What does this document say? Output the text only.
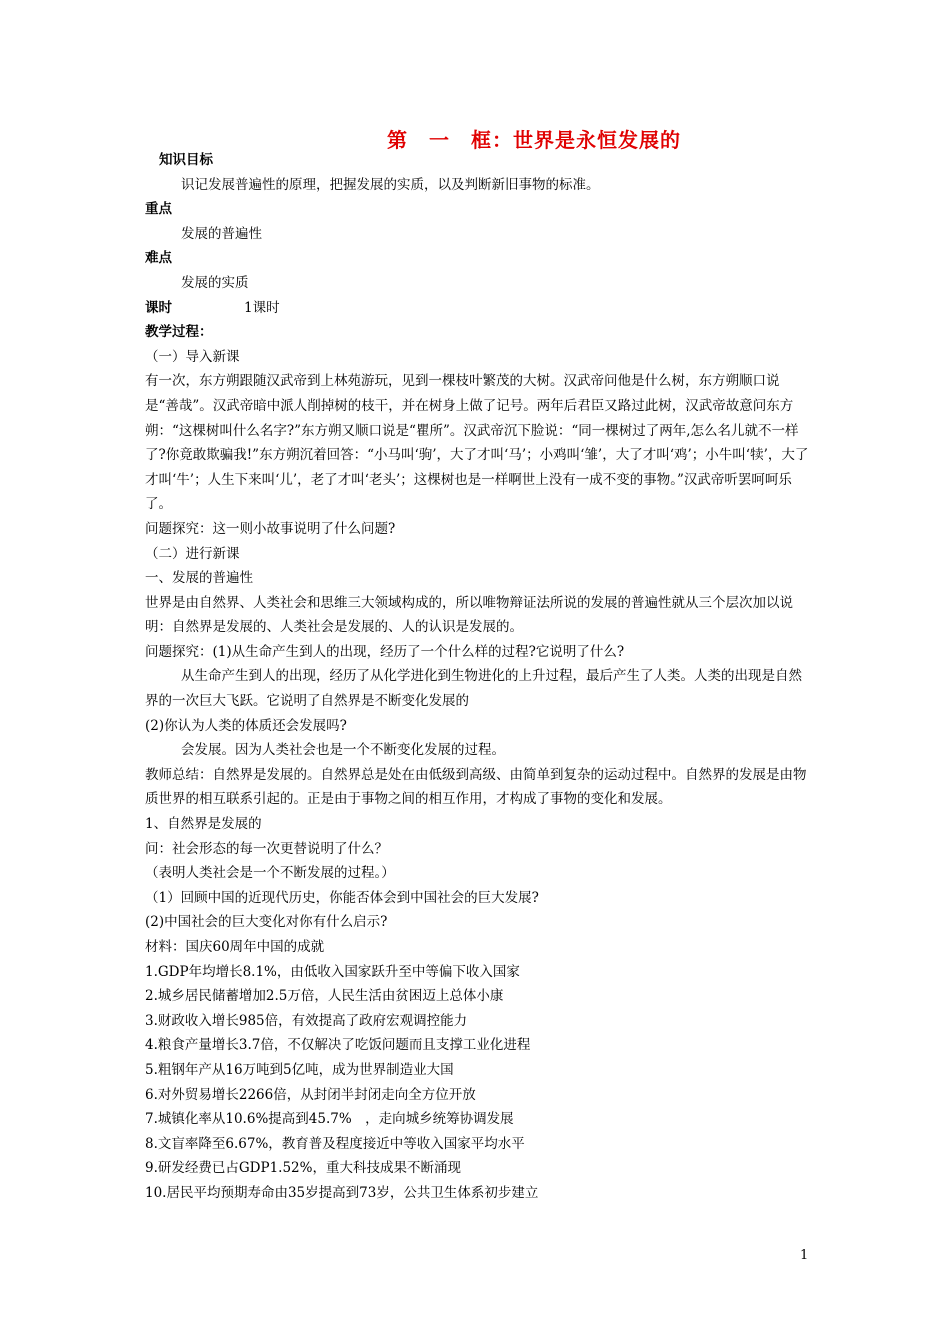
第　一　框：世界是永恒发展的

知识目标

识记发展普遍性的原理，把握发展的实质，以及判断新旧事物的标准。

重点

发展的普遍性

难点

发展的实质

课时	1课时

教学过程：

（一）导入新课

有一次，东方朔跟随汉武帝到上林苑游玩，见到一棵枝叶繁茂的大树。汉武帝问他是什么树，东方朔顺口说是“善哉”。汉武帝暗中派人削掉树的枝干，并在树身上做了记号。两年后君臣又路过此树，汉武帝故意问东方朔：“这棵树叫什么名字?”东方朔又顺口说是“瞿所”。汉武帝沉下脸说：“同一棵树过了两年,怎么名儿就不一样了?你竟敢欺骗我!”东方朔沉着回答：“小马叫‘驹’，大了才叫‘马’；小鸡叫‘雏’，大了才叫‘鸡’；小牛叫‘犊’，大了才叫‘牛’；人生下来叫‘儿’，老了才叫‘老头’；这棵树也是一样啊世上没有一成不变的事物。”汉武帝听罢呵呵乐了。

问题探究：这一则小故事说明了什么问题?

（二）进行新课

一、发展的普遍性

世界是由自然界、人类社会和思维三大领域构成的，所以唯物辩证法所说的发展的普遍性就从三个层次加以说明：自然界是发展的、人类社会是发展的、人的认识是发展的。

问题探究：(1)从生命产生到人的出现，经历了一个什么样的过程?它说明了什么?

从生命产生到人的出现，经历了从化学进化到生物进化的上升过程，最后产生了人类。人类的出现是自然界的一次巨大飞跃。它说明了自然界是不断变化发展的

(2)你认为人类的体质还会发展吗?

会发展。因为人类社会也是一个不断变化发展的过程。

教师总结：自然界是发展的。自然界总是处在由低级到高级、由简单到复杂的运动过程中。自然界的发展是由物质世界的相互联系引起的。正是由于事物之间的相互作用，才构成了事物的变化和发展。

1、自然界是发展的

问：社会形态的每一次更替说明了什么？

（表明人类社会是一个不断发展的过程。）

（1）回顾中国的近现代历史，你能否体会到中国社会的巨大发展?

(2)中国社会的巨大变化对你有什么启示?

材料：国庆60周年中国的成就

1.GDP年均增长8.1%，由低收入国家跃升至中等偏下收入国家

2.城乡居民储蓄增加2.5万倍，人民生活由贫困迈上总体小康

3.财政收入增长985倍，有效提高了政府宏观调控能力

4.粮食产量增长3.7倍，不仅解决了吃饭问题而且支撑工业化进程

5.粗钢年产从16万吨到5亿吨，成为世界制造业大国

6.对外贸易增长2266倍，从封闭半封闭走向全方位开放

7.城镇化率从10.6%提高到45.7%　，走向城乡统筹协调发展

8.文盲率降至6.67%，教育普及程度接近中等收入国家平均水平

9.研发经费已占GDP1.52%，重大科技成果不断涌现

10.居民平均预期寿命由35岁提高到73岁，公共卫生体系初步建立

1
